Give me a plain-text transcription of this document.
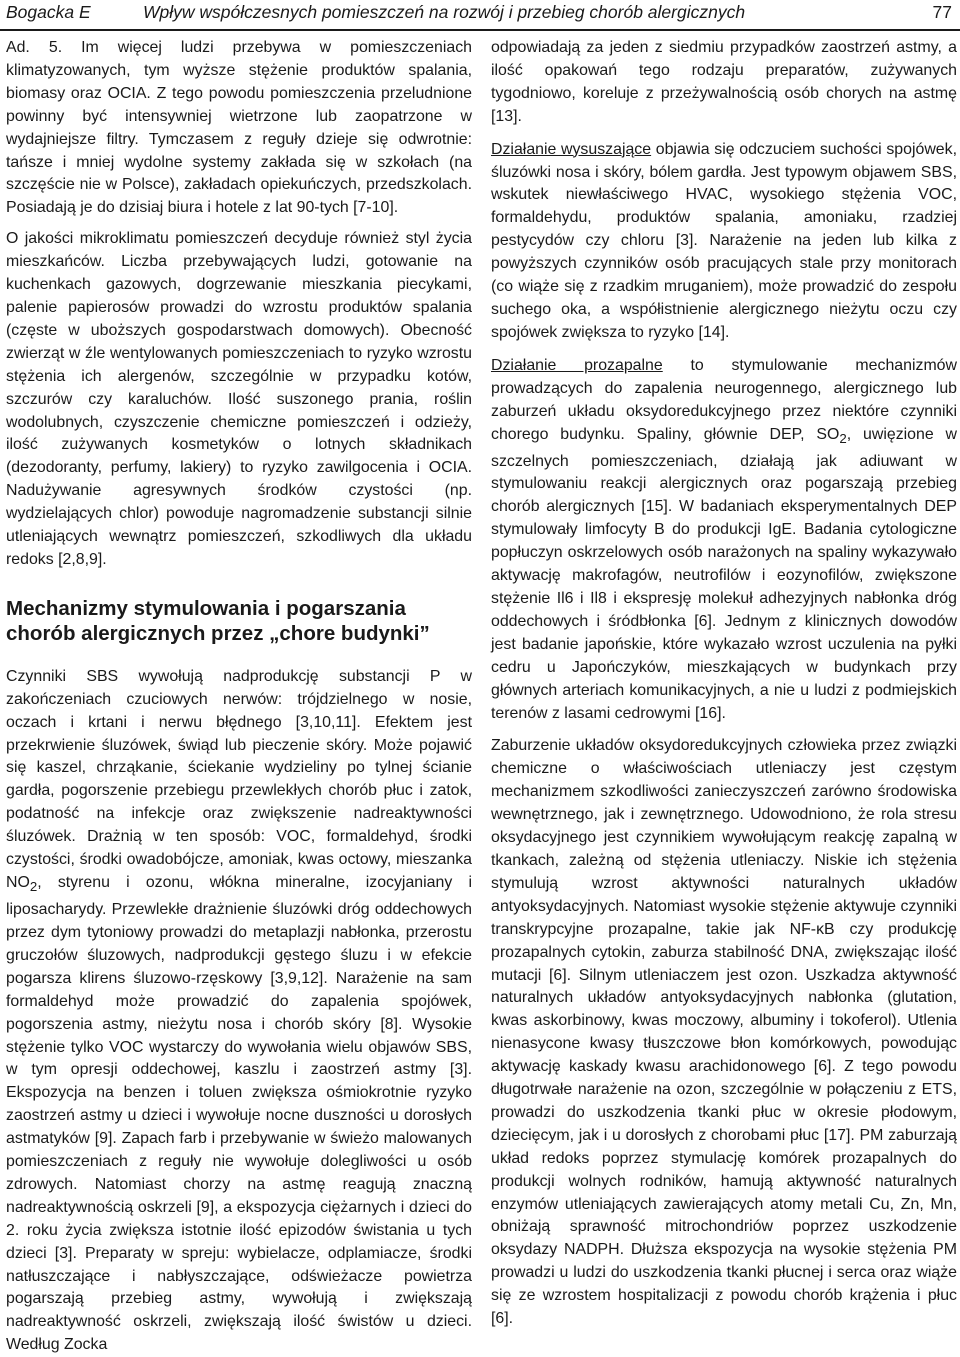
Bogacka E	Wpływ współczesnych pomieszczeń na rozwój i przebieg chorób alergicznych	77

Ad. 5. Im więcej ludzi przebywa w pomieszczeniach klimatyzowanych, tym wyższe stężenie produktów spalania, biomasy oraz OCIA. Z tego powodu pomieszczenia przeludnione powinny być intensywniej wietrzone lub zaopatrzone w wydajniejsze filtry. Tymczasem z reguły dzieje się odwrotnie: tańsze i mniej wydolne systemy zakłada się w szkołach (na szczęście nie w Polsce), zakładach opiekuńczych, przedszkolach. Posiadają je do dzisiaj biura i hotele z lat 90-tych [7-10].

O jakości mikroklimatu pomieszczeń decyduje również styl życia mieszkańców. Liczba przebywających ludzi, gotowanie na kuchenkach gazowych, dogrzewanie mieszkania piecykami, palenie papierosów prowadzi do wzrostu produktów spalania (częste w uboższych gospodarstwach domowych). Obecność zwierząt w źle wentylowanych pomieszczeniach to ryzyko wzrostu stężenia ich alergenów, szczególnie w przypadku kotów, szczurów czy karaluchów. Ilość suszonego prania, roślin wodolubnych, czyszczenie chemiczne pomieszczeń i odzieży, ilość zużywanych kosmetyków o lotnych składnikach (dezodoranty, perfumy, lakiery) to ryzyko zawilgocenia i OCIA. Nadużywanie agresywnych środków czystości (np. wydzielających chlor) powoduje nagromadzenie substancji silnie utleniających wewnątrz pomieszczeń, szkodliwych dla układu redoks [2,8,9].

Mechanizmy stymulowania i pogarszania chorób alergicznych przez „chore budynki”

Czynniki SBS wywołują nadprodukcję substancji P w zakończeniach czuciowych nerwów: trójdzielnego w nosie, oczach i krtani i nerwu błędnego [3,10,11]. Efektem jest przekrwienie śluzówek, świąd lub pieczenie skóry. Może pojawić się kaszel, chrząkanie, ściekanie wydzieliny po tylnej ścianie gardła, pogorszenie przebiegu przewlekłych chorób płuc i zatok, podatność na infekcje oraz zwiększenie nadreaktywności śluzówek. Drażnią w ten sposób: VOC, formaldehyd, środki czystości, środki owadobójcze, amoniak, kwas octowy, mieszanka $NO_2$, styrenu i ozonu, włókna mineralne, izocyjaniany i liposacharydy. Przewlekłe drażnienie śluzówki dróg oddechowych przez dym tytoniowy prowadzi do metaplazji nabłonka, przerostu gruczołów śluzowych, nadprodukcji gęstego śluzu i w efekcie pogarsza klirens śluzowo-rzęskowy [3,9,12]. Narażenie na sam formaldehyd może prowadzić do zapalenia spojówek, pogorszenia astmy, nieżytu nosa i chorób skóry [8]. Wysokie stężenie tylko VOC wystarczy do wywołania wielu objawów SBS, w tym opresji oddechowej, kaszlu i zaostrzeń astmy [3]. Ekspozycja na benzen i toluen zwiększa ośmiokrotnie ryzyko zaostrzeń astmy u dzieci i wywołuje nocne duszności u dorosłych astmatyków [9]. Zapach farb i przebywanie w świeżo malowanych pomieszczeniach z reguły nie wywołuje dolegliwości u osób zdrowych. Natomiast chorzy na astmę reagują znaczną nadreaktywnością oskrzeli [9], a ekspozycja ciężarnych i dzieci do 2. roku życia zwiększa istotnie ilość epizodów świstania u tych dzieci [3]. Preparaty w spreju: wybielacze, odplamiacze, środki natłuszczające i nabłyszczające, odświeżacze powietrza pogarszają przebieg astmy, wywołują i zwiększają nadreaktywność oskrzeli, zwiększają ilość świstów u dzieci. Według Zocka

odpowiadają za jeden z siedmiu przypadków zaostrzeń astmy, a ilość opakowań tego rodzaju preparatów, zużywanych tygodniowo, koreluje z przeżywalnością osób chorych na astmę [13].

Działanie wysuszające objawia się odczuciem suchości spojówek, śluzówki nosa i skóry, bólem gardła. Jest typowym objawem SBS, wskutek niewłaściwego HVAC, wysokiego stężenia VOC, formaldehydu, produktów spalania, amoniaku, rzadziej pestycydów czy chloru [3]. Narażenie na jeden lub kilka z powyższych czynników osób pracujących stale przy monitorach (co wiąże się z rzadkim mruganiem), może prowadzić do zespołu suchego oka, a współistnienie alergicznego nieżytu oczu czy spojówek zwiększa to ryzyko [14].

Działanie prozapalne to stymulowanie mechanizmów prowadzących do zapalenia neurogennego, alergicznego lub zaburzeń układu oksydoredukcyjnego przez niektóre czynniki chorego budynku. Spaliny, głównie DEP, $SO_2$, uwięzione w szczelnych pomieszczeniach, działają jak adiuwant w stymulowaniu reakcji alergicznych oraz pogarszają przebieg chorób alergicznych [15]. W badaniach eksperymentalnych DEP stymulowały limfocyty B do produkcji IgE. Badania cytologiczne popłuczyn oskrzelowych osób narażonych na spaliny wykazywało aktywację makrofagów, neutrofilów i eozynofilów, zwiększone stężenie Il6 i Il8 i ekspresję molekuł adhezyjnych nabłonka dróg oddechowych i śródbłonka [6]. Jednym z klinicznych dowodów jest badanie japońskie, które wykazało wzrost uczulenia na pyłki cedru u Japończyków, mieszkających w budynkach przy głównych arteriach komunikacyjnych, a nie u ludzi z podmiejskich terenów z lasami cedrowymi [16].

Zaburzenie układów oksydoredukcyjnych człowieka przez związki chemiczne o właściwościach utleniaczy jest częstym mechanizmem szkodliwości zanieczyszczeń zarówno środowiska wewnętrznego, jak i zewnętrznego. Udowodniono, że rola stresu oksydacyjnego jest czynnikiem wywołującym reakcję zapalną w tkankach, zależną od stężenia utleniaczy. Niskie ich stężenia stymulują wzrost aktywności naturalnych układów antyoksydacyjnych. Natomiast wysokie stężenie aktywuje czynniki transkrypcyjne prozapalne, takie jak NF-κB czy produkcję prozapalnych cytokin, zaburza stabilność DNA, zwiększając ilość mutacji [6]. Silnym utleniaczem jest ozon. Uszkadza aktywność naturalnych układów antyoksydacyjnych nabłonka (glutation, kwas askorbinowy, kwas moczowy, albuminy i tokoferol). Utlenia nienasycone kwasy tłuszczowe błon komórkowych, powodując aktywację kaskady kwasu arachidonowego [6]. Z tego powodu długotrwałe narażenie na ozon, szczególnie w połączeniu z ETS, prowadzi do uszkodzenia tkanki płuc w okresie płodowym, dziecięcym, jak i u dorosłych z chorobami płuc [17]. PM zaburzają układ redoks poprzez stymulację komórek prozapalnych do produkcji wolnych rodników, hamują aktywność naturalnych enzymów utleniających zawierających atomy metali Cu, Zn, Mn, obniżają sprawność mitrochondriów poprzez uszkodzenie oksydazy NADPH. Dłuższa ekspozycja na wysokie stężenia PM prowadzi u ludzi do uszkodzenia tkanki płucnej i serca oraz wiąże się ze wzrostem hospitalizacji z powodu chorób krążenia i płuc [6].
